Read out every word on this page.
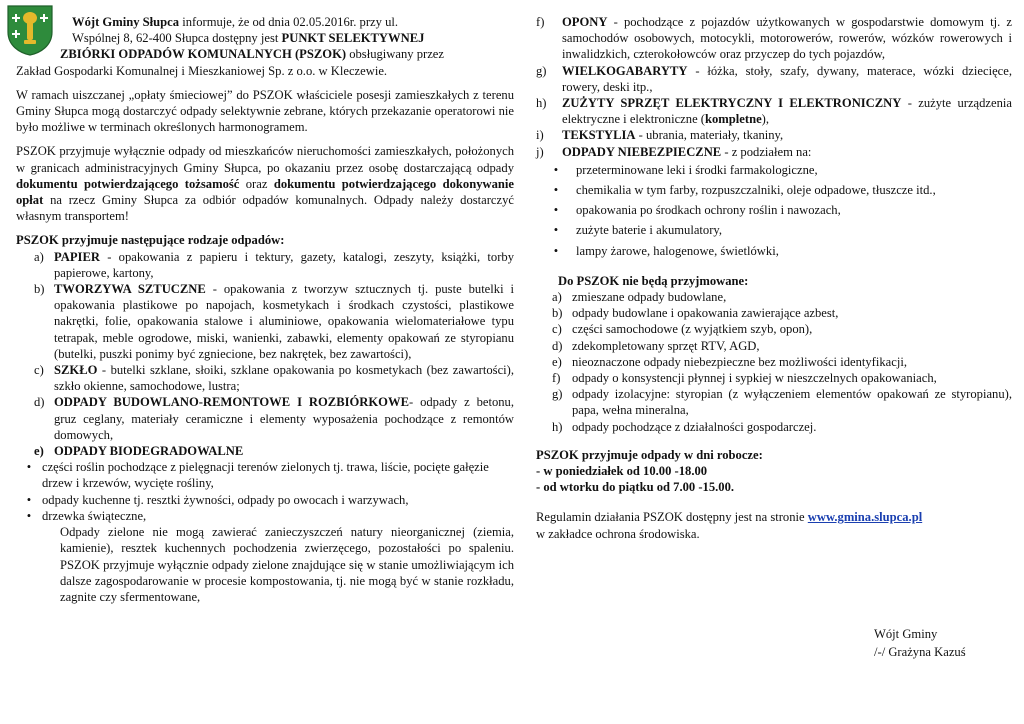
Wójt Gminy Słupca informuje, że od dnia 02.05.2016r. przy ul.

Wspólnej 8, 62-400 Słupca dostępny jest PUNKT SELEKTYWNEJ

ZBIÓRKI ODPADÓW KOMUNALNYCH (PSZOK) obsługiwany przez

Zakład Gospodarki Komunalnej i Mieszkaniowej Sp. z o.o. w Kleczewie.

W ramach uiszczanej „opłaty śmieciowej” do PSZOK właściciele posesji zamieszkałych z terenu Gminy Słupca mogą dostarczyć odpady selektywnie zebrane, których przekazanie operatorowi nie było możliwe w terminach określonych harmonogramem.

PSZOK przyjmuje wyłącznie odpady od mieszkańców nieruchomości zamieszkałych, położonych w granicach administracyjnych Gminy Słupca, po okazaniu przez osobę dostarczającą odpady dokumentu potwierdzającego tożsamość oraz dokumentu potwierdzającego dokonywanie opłat na rzecz Gminy Słupca za odbiór odpadów komunalnych. Odpady należy dostarczyć własnym transportem!

PSZOK przyjmuje następujące rodzaje odpadów:

a) PAPIER - opakowania z papieru i tektury, gazety, katalogi, zeszyty, książki, torby papierowe, kartony,
b) TWORZYWA SZTUCZNE - opakowania z tworzyw sztucznych tj. puste butelki i opakowania plastikowe po napojach, kosmetykach i środkach czystości, plastikowe nakrętki, folie, opakowania stalowe i aluminiowe, opakowania wielomateriałowe typu tetrapak, meble ogrodowe, miski, wanienki, zabawki, elementy opakowań ze styropianu (butelki, puszki ponimy być zgniecione, bez nakrętek, bez zawartości),
c) SZKŁO - butelki szklane, słoiki, szklane opakowania po kosmetykach (bez zawartości), szkło okienne, samochodowe, lustra;
d) ODPADY BUDOWLANO-REMONTOWE I ROZBIÓRKOWE- odpady z betonu, gruz ceglany, materiały ceramiczne i elementy wyposażenia pochodzące z remontów domowych,
e) ODPADY BIODEGRADOWALNE
• części roślin pochodzące z pielęgnacji terenów zielonych tj. trawa, liście, pocięte gałęzie drzew i krzewów, wycięte rośliny,
• odpady kuchenne tj. resztki żywności, odpady po owocach i warzywach,
• drzewka świąteczne,

Odpady zielone nie mogą zawierać zanieczyszczeń natury nieorganicznej (ziemia, kamienie), resztek kuchennych pochodzenia zwierzęcego, pozostałości po spaleniu. PSZOK przyjmuje wyłącznie odpady zielone znajdujące się w stanie umożliwiającym ich dalsze zagospodarowanie w procesie kompostowania, tj. nie mogą być w stanie rozkładu, zagnite czy sfermentowane,

f)	OPONY - pochodzące z pojazdów użytkowanych w gospodarstwie domowym tj. z samochodów osobowych, motocykli, motorowerów, rowerów, wózków rowerowych i inwalidzkich, czterokołowców oraz przyczep do tych pojazdów,
g)	WIELKOGABARYTY - łóżka, stoły, szafy, dywany, materace, wózki dziecięce, rowery, deski itp.,
h)	ZUŻYTY SPRZĘT ELEKTRYCZNY I ELEKTRONICZNY - zużyte urządzenia elektryczne i elektroniczne (kompletne),
i)	TEKSTYLIA - ubrania, materiały, tkaniny,
j)	ODPADY NIEBEZPIECZNE - z podziałem na:
•	przeterminowane leki i środki farmakologiczne,
•	chemikalia w tym farby, rozpuszczalniki, oleje odpadowe, tłuszcze itd.,
•	opakowania po środkach ochrony roślin i nawozach,
•	zużyte baterie i akumulatory,
•	lampy żarowe, halogenowe, świetlówki,

Do PSZOK nie będą przyjmowane:

a) zmieszane odpady budowlane,
b) odpady budowlane i opakowania zawierające azbest,
c) części samochodowe (z wyjątkiem szyb, opon),
d) zdekompletowany sprzęt RTV, AGD,
e) nieoznaczone odpady niebezpieczne bez możliwości identyfikacji,
f) odpady o konsystencji płynnej i sypkiej w nieszczelnych opakowaniach,
g) odpady izolacyjne: styropian (z wyłączeniem elementów opakowań ze styropianu), papa, wełna mineralna,
h) odpady pochodzące z działalności gospodarczej.

PSZOK przyjmuje odpady w dni robocze:

- w poniedziałek od 10.00 -18.00

- od wtorku do piątku od 7.00 -15.00.

Regulamin działania PSZOK dostępny jest na stronie www.gmina.slupca.pl

w zakładce ochrona środowiska.

Wójt Gminy
/-/ Grażyna Kazuś
